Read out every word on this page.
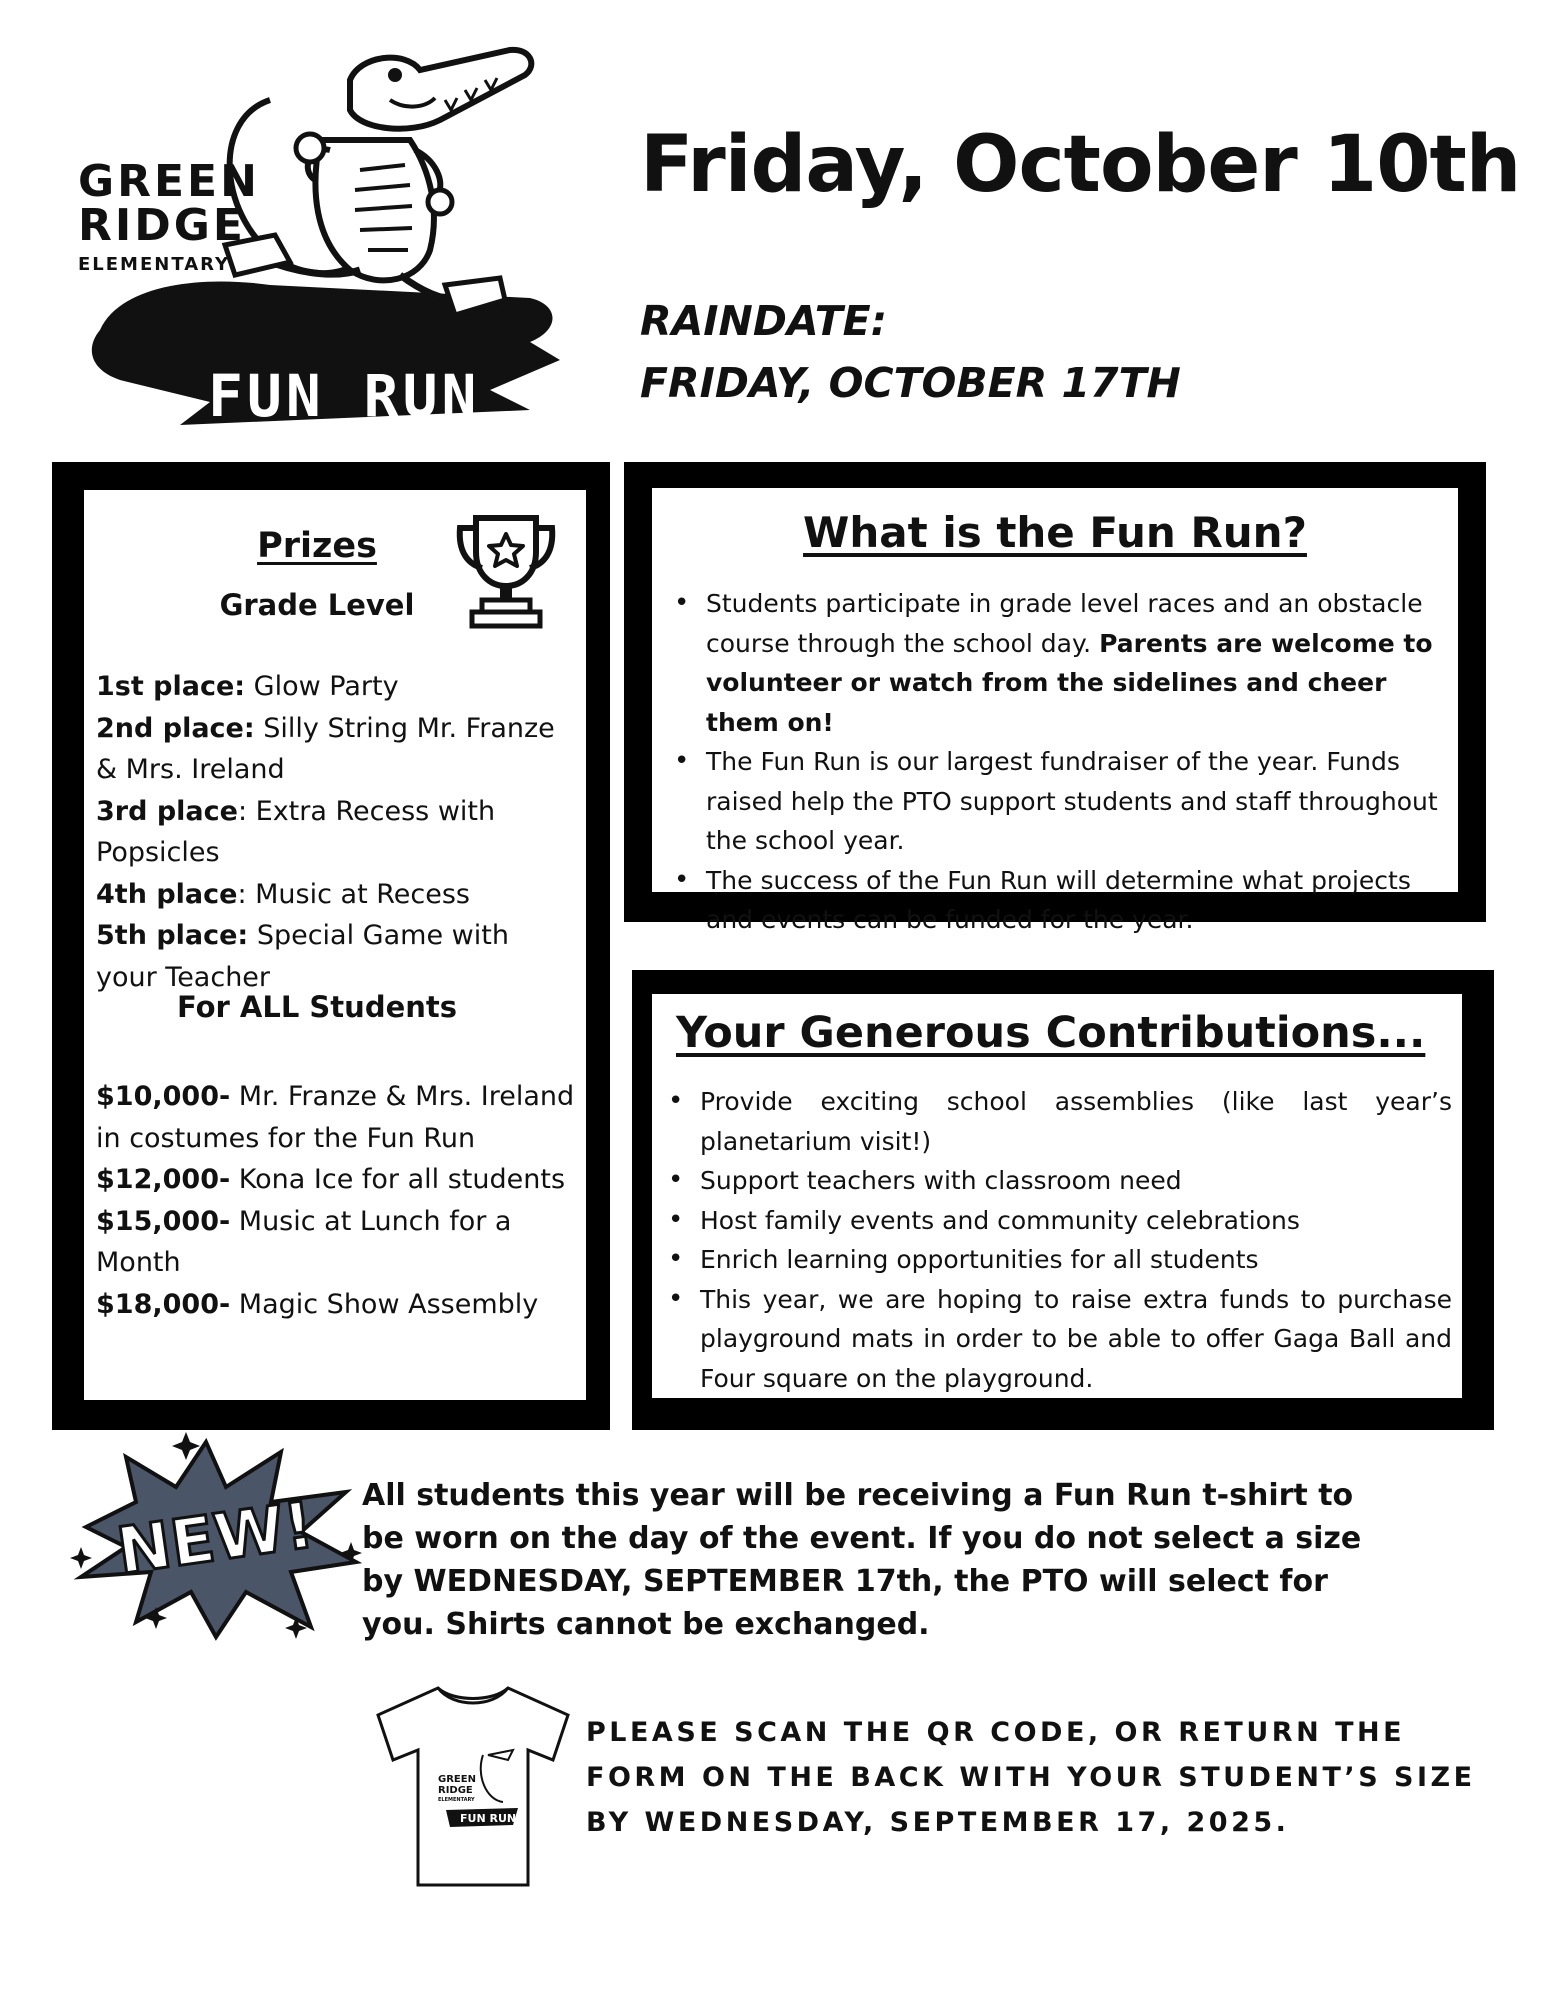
GREEN
RIDGE
ELEMENTARY
FUN RUN
Friday, October 10th
RAINDATE:
FRIDAY, OCTOBER 17TH
Prizes
Grade Level
1st place: Glow Party
2nd place: Silly String Mr. Franze & Mrs. Ireland
3rd place: Extra Recess with Popsicles
4th place: Music at Recess
5th place: Special Game with your Teacher
For ALL Students
$10,000- Mr. Franze & Mrs. Ireland in costumes for the Fun Run
$12,000- Kona Ice for all students
$15,000- Music at Lunch for a Month
$18,000- Magic Show Assembly
What is the Fun Run?
• Students participate in grade level races and an obstacle course through the school day. Parents are welcome to volunteer or watch from the sidelines and cheer them on!
• The Fun Run is our largest fundraiser of the year. Funds raised help the PTO support students and staff throughout the school year.
• The success of the Fun Run will determine what projects and events can be funded for the year.
Your Generous Contributions...
• Provide exciting school assemblies (like last year’s planetarium visit!)
• Support teachers with classroom need
• Host family events and community celebrations
• Enrich learning opportunities for all students
• This year, we are hoping to raise extra funds to purchase playground mats in order to be able to offer Gaga Ball and Four square on the playground.
NEW! All students this year will be receiving a Fun Run t-shirt to be worn on the day of the event. If you do not select a size by WEDNESDAY, SEPTEMBER 17th, the PTO will select for you. Shirts cannot be exchanged.
GREEN
RIDGE
ELEMENTARY
FUN RUN
PLEASE SCAN THE QR CODE, OR RETURN THE FORM ON THE BACK WITH YOUR STUDENT’S SIZE BY WEDNESDAY, SEPTEMBER 17, 2025.
